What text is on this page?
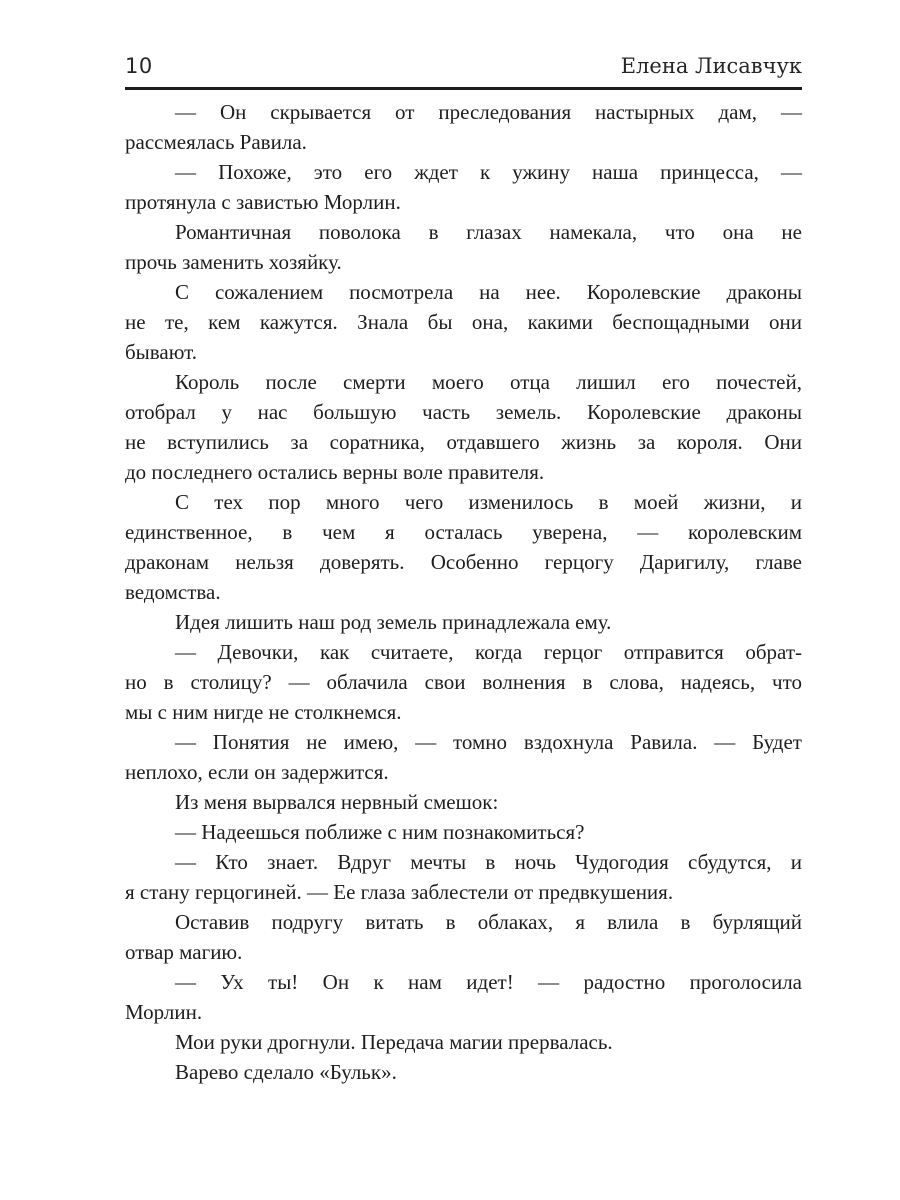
10	Елена Лисавчук

— Он скрывается от преследования настырных дам, —
рассмеялась Равила.

— Похоже, это его ждет к ужину наша принцесса, —
протянула с завистью Морлин.

Романтичная поволока в глазах намекала, что она не
прочь заменить хозяйку.

С сожалением посмотрела на нее. Королевские драконы
не те, кем кажутся. Знала бы она, какими беспощадными они
бывают.

Король после смерти моего отца лишил его почестей,
отобрал у нас большую часть земель. Королевские драконы
не вступились за соратника, отдавшего жизнь за короля. Они
до последнего остались верны воле правителя.

С тех пор много чего изменилось в моей жизни, и
единственное, в чем я осталась уверена, — королевским
драконам нельзя доверять. Особенно герцогу Даригилу, главе
ведомства.

Идея лишить наш род земель принадлежала ему.

— Девочки, как считаете, когда герцог отправится обрат-
но в столицу? — облачила свои волнения в слова, надеясь, что
мы с ним нигде не столкнемся.

— Понятия не имею, — томно вздохнула Равила. — Будет
неплохо, если он задержится.

Из меня вырвался нервный смешок:

— Надеешься поближе с ним познакомиться?

— Кто знает. Вдруг мечты в ночь Чудогодия сбудутся, и
я стану герцогиней. — Ее глаза заблестели от предвкушения.

Оставив подругу витать в облаках, я влила в бурлящий
отвар магию.

— Ух ты! Он к нам идет! — радостно проголосила
Морлин.

Мои руки дрогнули. Передача магии прервалась.

Варево сделало «Бульк».
